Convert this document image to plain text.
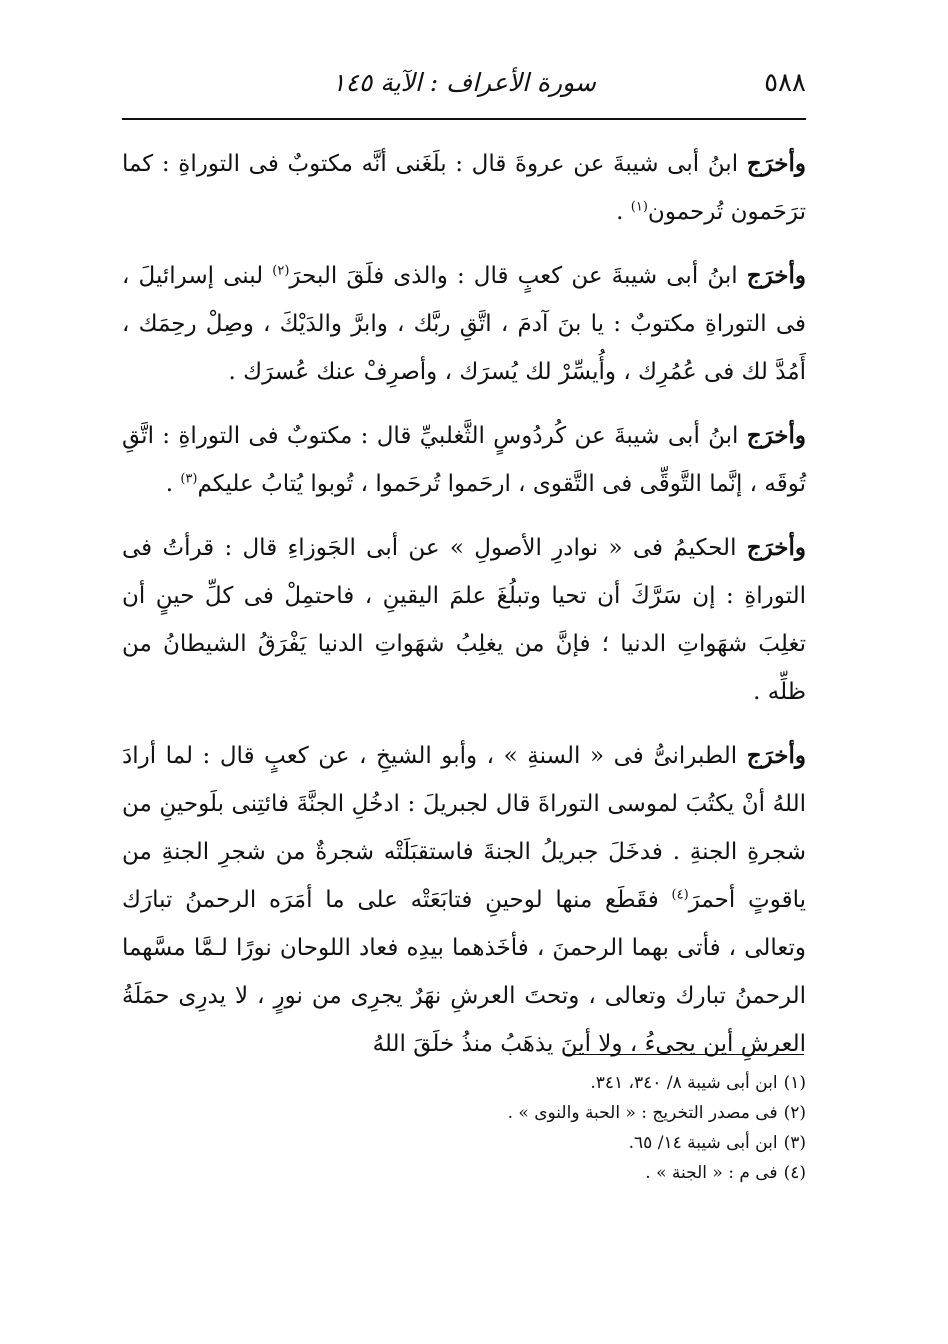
٥٨٨
سورة الأعراف : الآية ١٤٥

وأخرَج ابنُ أبى شيبةَ عن عروةَ قال : بلَغَنى أنَّه مكتوبٌ فى التوراةِ : كما ترَحَمون تُرحمون$^{(١)}$ .

وأخرَج ابنُ أبى شيبةَ عن كعبٍ قال : والذى فلَقَ البحرَ$^{(٢)}$ لبنى إسرائيلَ ، فى التوراةِ مكتوبٌ : يا بنَ آدمَ ، اتَّقِ ربَّك ، وابرَّ والدَيْكَ ، وصِلْ رحِمَك ، أَمُدَّ لك فى عُمُرِك ، وأُيسِّرْ لك يُسرَك ، وأصرِفْ عنك عُسرَك .

وأخرَج ابنُ أبى شيبةَ عن كُردُوسٍ الثَّغلبيِّ قال : مكتوبٌ فى التوراةِ : اتَّقِ تُوقَه ، إنَّما التَّوقِّى فى التَّقوى ، ارحَموا تُرحَموا ، تُوبوا يُتابُ عليكم$^{(٣)}$ .

وأخرَج الحكيمُ فى « نوادرِ الأصولِ » عن أبى الجَوزاءِ قال : قرأتُ فى التوراةِ : إن سَرَّكَ أن تحيا وتبلُغَ علمَ اليقينِ ، فاحتمِلْ فى كلِّ حينٍ أن تغلِبَ شهَواتِ الدنيا ؛ فإنَّ من يغلِبُ شهَواتِ الدنيا يَفْرَقُ الشيطانُ من ظلِّه .

وأخرَج الطبرانىُّ فى « السنةِ » ، وأبو الشيخِ ، عن كعبٍ قال : لما أرادَ اللهُ أنْ يكتُبَ لموسى التوراةَ قال لجبريلَ : ادخُلِ الجنَّةَ فائتِنى بلَوحينِ من شجرةِ الجنةِ . فدخَلَ جبريلُ الجنةَ فاستقبَلَتْه شجرةٌ من شجرِ الجنةِ من ياقوتٍ أحمرَ$^{(٤)}$ فقَطَع منها لوحينِ فتابَعَتْه على ما أمَرَه الرحمنُ تبارَك وتعالى ، فأتى بهما الرحمنَ ، فأخَذهما بيدِه فعاد اللوحان نورًا لـمَّا مسَّهما الرحمنُ تبارك وتعالى ، وتحتَ العرشِ نهَرٌ يجرِى من نورٍ ، لا يدرِى حمَلَةُ العرشِ أين يجىءُ ، ولا أينَ يذهَبُ منذُ خلَقَ اللهُ

(١)ابن أبى شيبة ٨/ ٣٤٠، ٣٤١.

(٢)فى مصدر التخريج : « الحبة والنوى » .

(٣)ابن أبى شيبة ١٤/ ٦٥.

(٤)فى م : « الجنة » .
